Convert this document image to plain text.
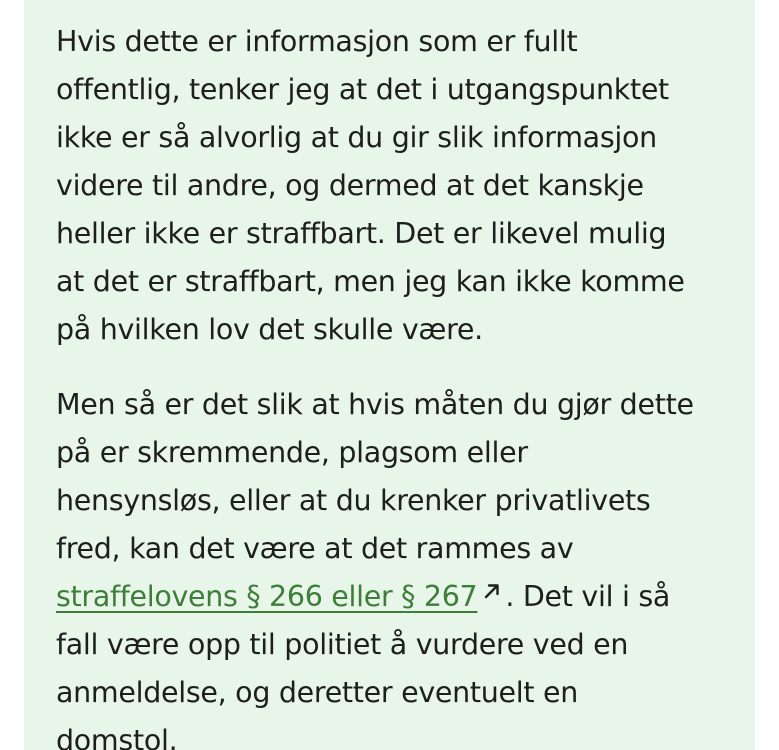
Hvis dette er informasjon som er fullt
offentlig, tenker jeg at det i utgangspunktet
ikke er så alvorlig at du gir slik informasjon
videre til andre, og dermed at det kanskje
heller ikke er straffbart. Det er likevel mulig
at det er straffbart, men jeg kan ikke komme
på hvilken lov det skulle være.

Men så er det slik at hvis måten du gjør dette
på er skremmende, plagsom eller
hensynsløs, eller at du krenker privatlivets
fred, kan det være at det rammes av
straffelovens § 266 eller § 267 . Det vil i så
fall være opp til politiet å vurdere ved en
anmeldelse, og deretter eventuelt en
domstol.
